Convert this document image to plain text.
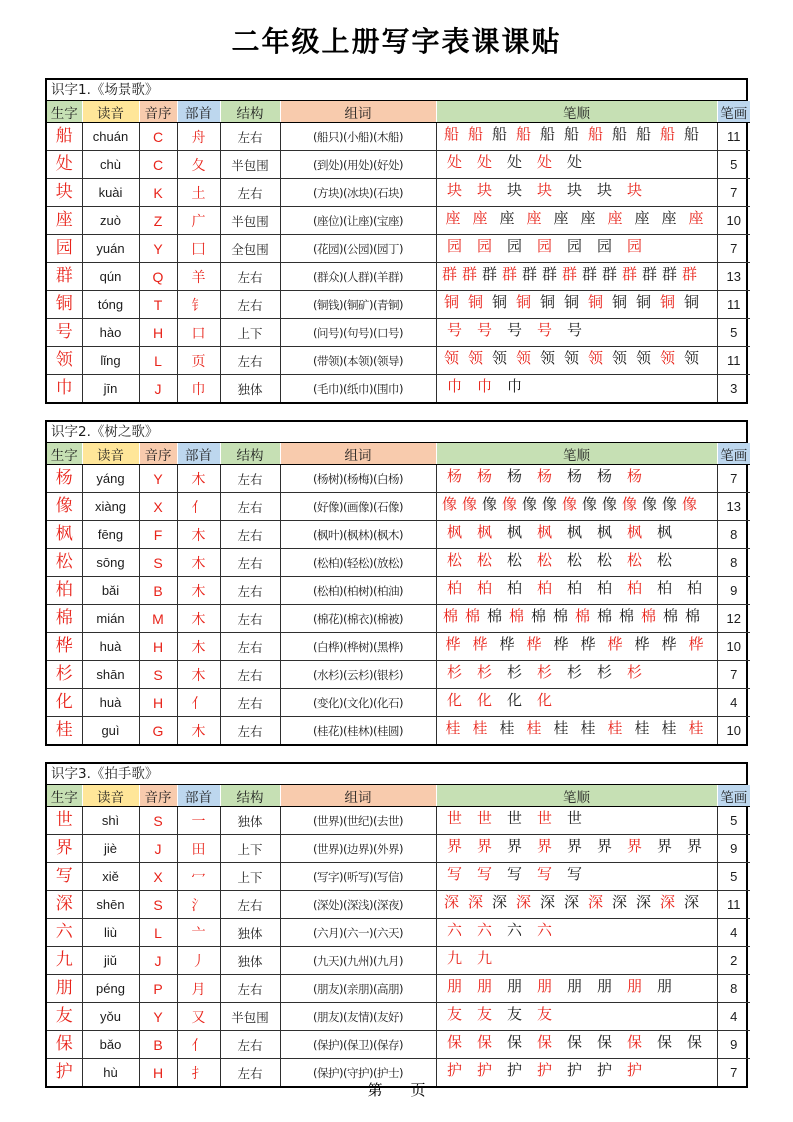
二年级上册写字表课课贴
识字1.《场景歌》
生字	读音	音序	部首	结构	组词	笔顺	笔画
船	chuán	C	舟	左右	(船只)(小船)(木船)	船 船 船 船 船 船 船 船 船 船 船	11
处	chù	C	夂	半包围	(到处)(用处)(好处)	处 处 处 处 处	5
块	kuài	K	土	左右	(方块)(冰块)(石块)	块 块 块 块 块 块 块	7
座	zuò	Z	广	半包围	(座位)(让座)(宝座)	座 座 座 座 座 座 座 座 座 座	10
园	yuán	Y	囗	全包围	(花园)(公园)(园丁)	园 园 园 园 园 园 园	7
群	qún	Q	羊	左右	(群众)(人群)(羊群)	群 群 群 群 群 群 群 群 群 群 群 群 群	13
铜	tóng	T	钅	左右	(铜钱)(铜矿)(青铜)	铜 铜 铜 铜 铜 铜 铜 铜 铜 铜 铜	11
号	hào	H	口	上下	(问号)(句号)(口号)	号 号 号 号 号	5
领	lǐng	L	页	左右	(带领)(本领)(领导)	领 领 领 领 领 领 领 领 领 领 领	11
巾	jīn	J	巾	独体	(毛巾)(纸巾)(围巾)	巾 巾 巾	3
识字2.《树之歌》
生字	读音	音序	部首	结构	组词	笔顺	笔画
杨	yáng	Y	木	左右	(杨树)(杨梅)(白杨)	杨 杨 杨 杨 杨 杨 杨	7
像	xiàng	X	亻	左右	(好像)(画像)(石像)	像 像 像 像 像 像 像 像 像 像 像 像 像	13
枫	fēng	F	木	左右	(枫叶)(枫林)(枫木)	枫 枫 枫 枫 枫 枫 枫 枫	8
松	sōng	S	木	左右	(松柏)(轻松)(放松)	松 松 松 松 松 松 松 松	8
柏	bǎi	B	木	左右	(松柏)(柏树)(柏油)	柏 柏 柏 柏 柏 柏 柏 柏 柏	9
棉	mián	M	木	左右	(棉花)(棉衣)(棉被)	棉 棉 棉 棉 棉 棉 棉 棉 棉 棉 棉 棉	12
桦	huà	H	木	左右	(白桦)(桦树)(黑桦)	桦 桦 桦 桦 桦 桦 桦 桦 桦 桦	10
杉	shān	S	木	左右	(水杉)(云杉)(银杉)	杉 杉 杉 杉 杉 杉 杉	7
化	huà	H	亻	左右	(变化)(文化)(化石)	化 化 化 化	4
桂	guì	G	木	左右	(桂花)(桂林)(桂圆)	桂 桂 桂 桂 桂 桂 桂 桂 桂 桂	10
识字3.《拍手歌》
生字	读音	音序	部首	结构	组词	笔顺	笔画
世	shì	S	一	独体	(世界)(世纪)(去世)	世 世 世 世 世	5
界	jiè	J	田	上下	(世界)(边界)(外界)	界 界 界 界 界 界 界 界 界	9
写	xiě	X	冖	上下	(写字)(听写)(写信)	写 写 写 写 写	5
深	shēn	S	氵	左右	(深处)(深浅)(深夜)	深 深 深 深 深 深 深 深 深 深 深	11
六	liù	L	亠	独体	(六月)(六一)(六天)	六 六 六 六	4
九	jiǔ	J	丿	独体	(九天)(九州)(九月)	九 九	2
朋	péng	P	月	左右	(朋友)(亲朋)(高朋)	朋 朋 朋 朋 朋 朋 朋 朋	8
友	yǒu	Y	又	半包围	(朋友)(友情)(友好)	友 友 友 友	4
保	bǎo	B	亻	左右	(保护)(保卫)(保存)	保 保 保 保 保 保 保 保 保	9
护	hù	H	扌	左右	(保护)(守护)(护士)	护 护 护 护 护 护 护	7
第 页
